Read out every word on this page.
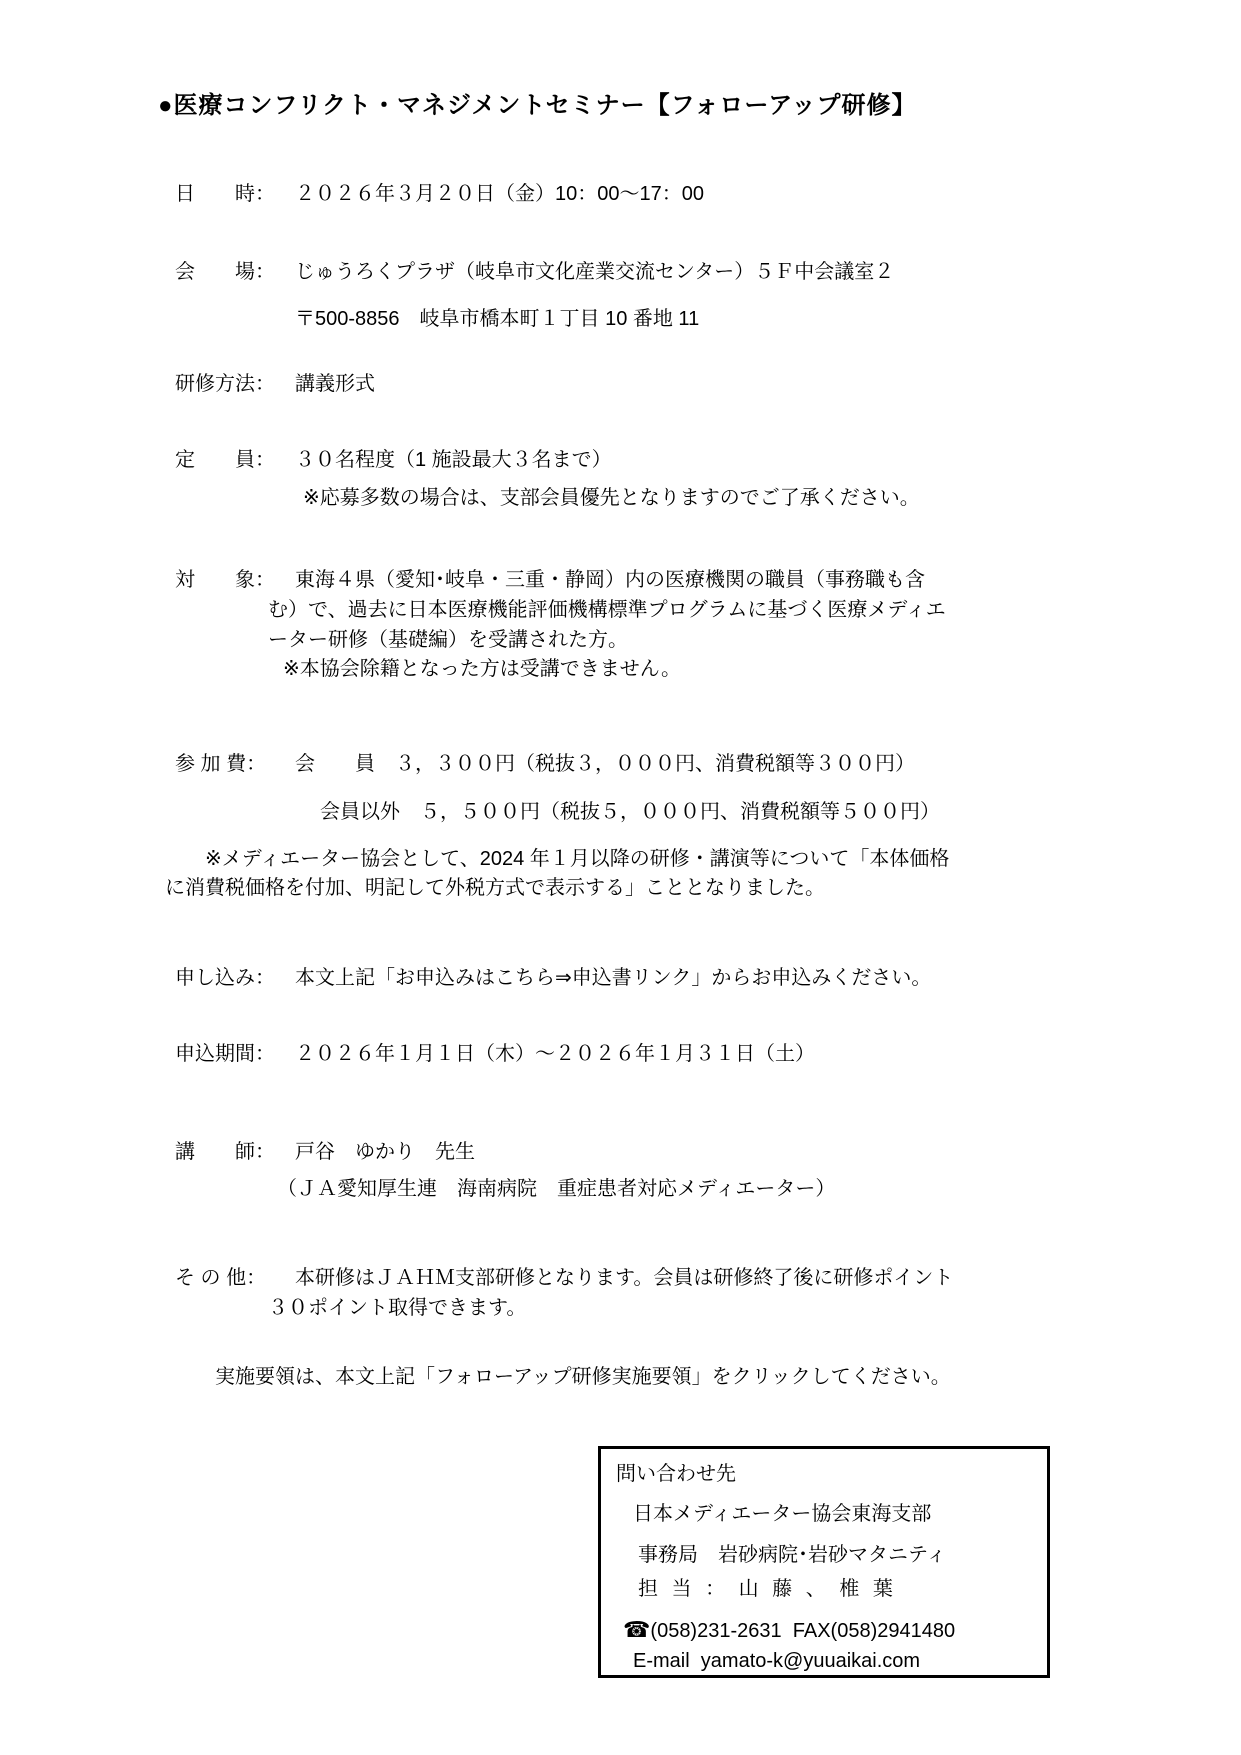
●医療コンフリクト・マネジメントセミナー【フォローアップ研修】
日　　時： ２０２６年３月２０日（金）10：00～17：00
会　　場： じゅうろくプラザ（岐阜市文化産業交流センター）５Ｆ中会議室２
〒500-8856　岐阜市橋本町１丁目 10 番地 11
研修方法： 講義形式
定　　員： ３０名程度（1 施設最大３名まで）
※応募多数の場合は、支部会員優先となりますのでご了承ください。
対　　象： 東海４県（愛知･岐阜・三重・静岡）内の医療機関の職員（事務職も含
む）で、過去に日本医療機能評価機構標準プログラムに基づく医療メディエ
ーター研修（基礎編）を受講された方。
※本協会除籍となった方は受講できません。
参 加 費： 会　　員　３，３００円（税抜３，０００円、消費税額等３００円）
会員以外　５，５００円（税抜５，０００円、消費税額等５００円）
※メディエーター協会として、2024 年１月以降の研修・講演等について「本体価格
に消費税価格を付加、明記して外税方式で表示する」こととなりました。
申し込み： 本文上記「お申込みはこちら⇒申込書リンク」からお申込みください。
申込期間： ２０２６年１月１日（木）～２０２６年１月３１日（土）
講　　師： 戸谷　ゆかり　先生
（ＪＡ愛知厚生連　海南病院　重症患者対応メディエーター）
そ の 他： 本研修はＪＡＨＭ支部研修となります。会員は研修終了後に研修ポイント
３０ポイント取得できます。
実施要領は、本文上記「フォローアップ研修実施要領」をクリックしてください。
問い合わせ先
日本メディエーター協会東海支部
事務局　岩砂病院･岩砂マタニティ
担 当 ： 山 藤 、 椎 葉
☎(058)231-2631 FAX(058)2941480
E-mail yamato-k@yuuaikai.com
